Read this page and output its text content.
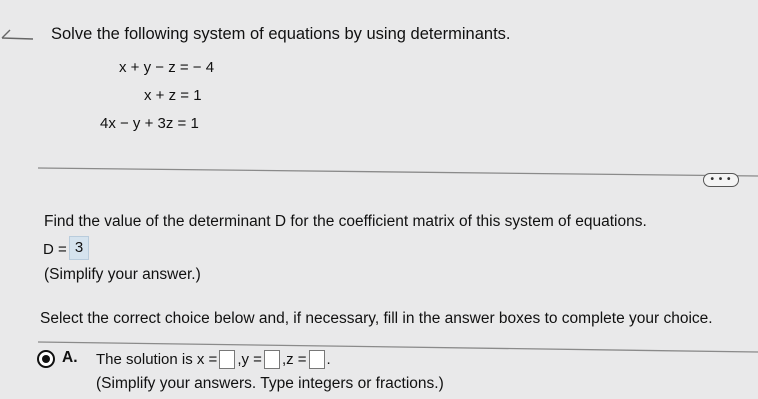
Solve the following system of equations by using determinants.
x + y − z = − 4
x + z = 1
4x − y + 3z = 1
• • •
Find the value of the determinant D for the coefficient matrix of this system of equations.
D = 3
(Simplify your answer.)
Select the correct choice below and, if necessary, fill in the answer boxes to complete your choice.
A. The solution is x = , y = , z = .
(Simplify your answers. Type integers or fractions.)
